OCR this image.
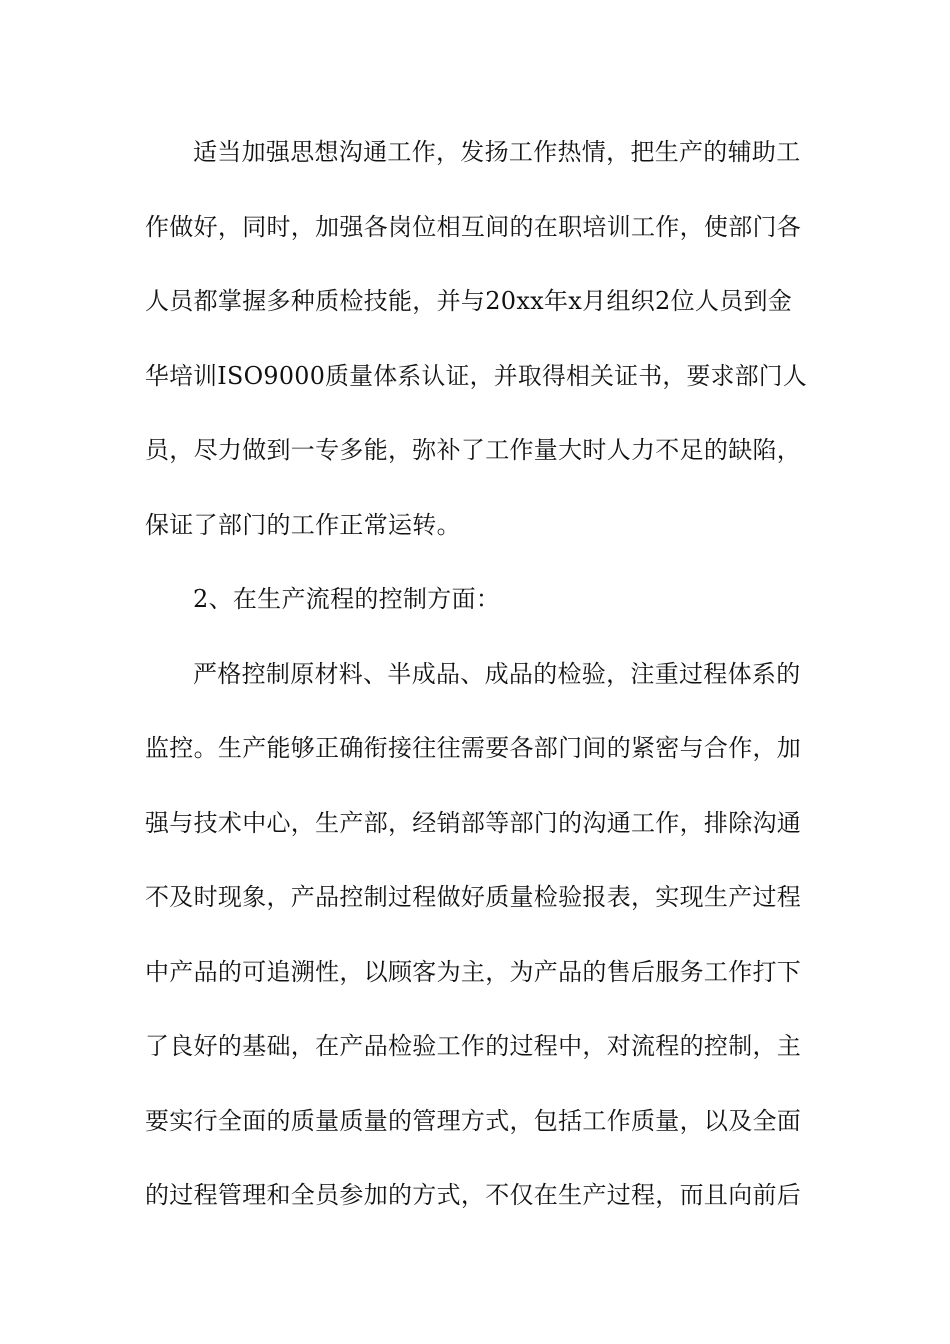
适当加强思想沟通工作，发扬工作热情，把生产的辅助工
作做好，同时，加强各岗位相互间的在职培训工作，使部门各
人员都掌握多种质检技能，并与20xx年x月组织2位人员到金
华培训ISO9000质量体系认证，并取得相关证书，要求部门人
员，尽力做到一专多能，弥补了工作量大时人力不足的缺陷，
保证了部门的工作正常运转。
2、在生产流程的控制方面：
严格控制原材料、半成品、成品的检验，注重过程体系的
监控。生产能够正确衔接往往需要各部门间的紧密与合作，加
强与技术中心，生产部，经销部等部门的沟通工作，排除沟通
不及时现象，产品控制过程做好质量检验报表，实现生产过程
中产品的可追溯性，以顾客为主，为产品的售后服务工作打下
了良好的基础，在产品检验工作的过程中，对流程的控制，主
要实行全面的质量质量的管理方式，包括工作质量，以及全面
的过程管理和全员参加的方式，不仅在生产过程，而且向前后
